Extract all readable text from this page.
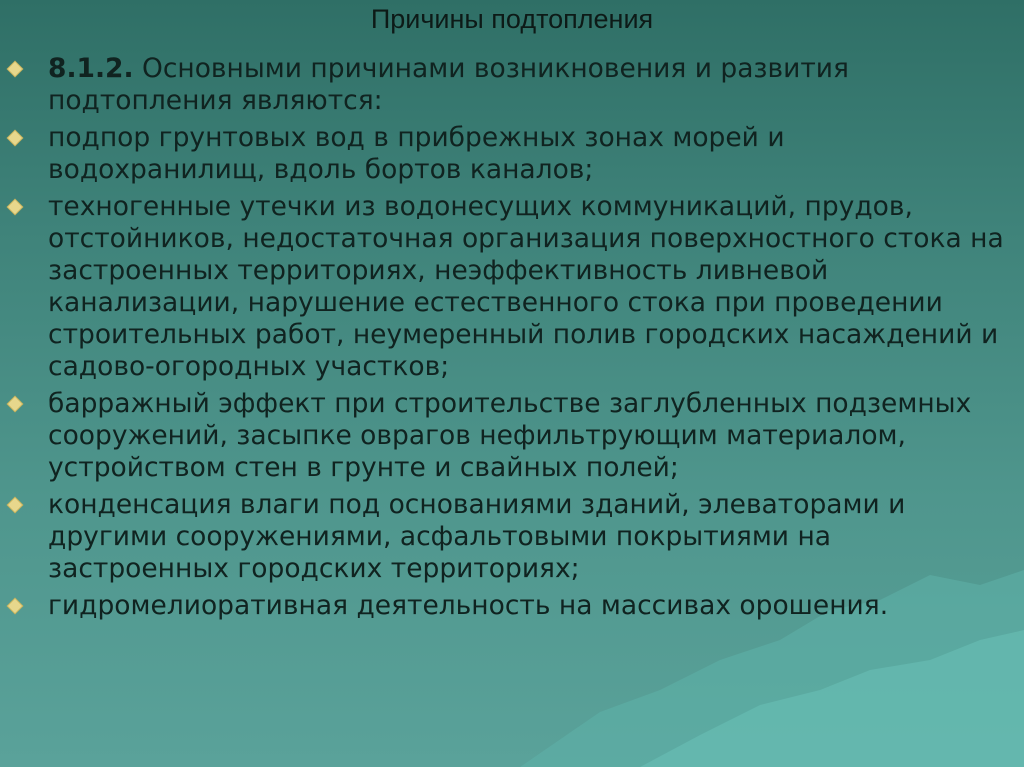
Причины подтопления
8.1.2. Основными причинами возникновения и развития подтопления являются:
подпор грунтовых вод в прибрежных зонах морей и водохранилищ, вдоль бортов каналов;
техногенные утечки из водонесущих коммуникаций, прудов, отстойников, недостаточная организация поверхностного стока на застроенных территориях, неэффективность ливневой канализации, нарушение естественного стока при проведении строительных работ, неумеренный полив городских насаждений и садово-огородных участков;
барражный эффект при строительстве заглубленных подземных сооружений, засыпке оврагов нефильтрующим материалом, устройством стен в грунте и свайных полей;
конденсация влаги под основаниями зданий, элеваторами и другими сооружениями, асфальтовыми покрытиями на застроенных городских территориях;
гидромелиоративная деятельность на массивах орошения.
